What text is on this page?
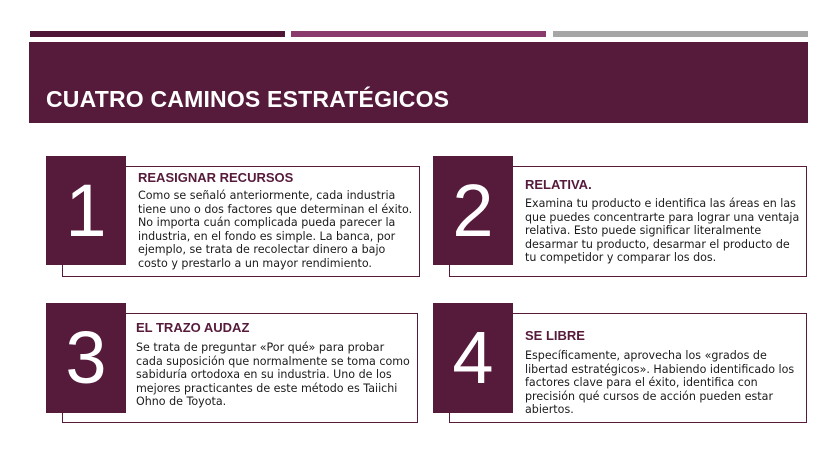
CUATRO CAMINOS ESTRATÉGICOS

REASIGNAR RECURSOS

Como se señaló anteriormente, cada industria tiene uno o dos factores que determinan el éxito. No importa cuán complicada pueda parecer la industria, en el fondo es simple. La banca, por ejemplo, se trata de recolectar dinero a bajo costo y prestarlo a un mayor rendimiento.

1	RELATIVA.

Examina tu producto e identifica las áreas en las que puedes concentrarte para lograr una ventaja relativa. Esto puede significar literalmente desarmar tu producto, desarmar el producto de tu competidor y comparar los dos.

2

EL TRAZO AUDAZ

Se trata de preguntar «Por qué» para probar cada suposición que normalmente se toma como sabiduría ortodoxa en su industria. Uno de los mejores practicantes de este método es Taiichi Ohno de Toyota.

3	SE LIBRE

Específicamente, aprovecha los «grados de libertad estratégicos». Habiendo identificado los factores clave para el éxito, identifica con precisión qué cursos de acción pueden estar abiertos.

4
